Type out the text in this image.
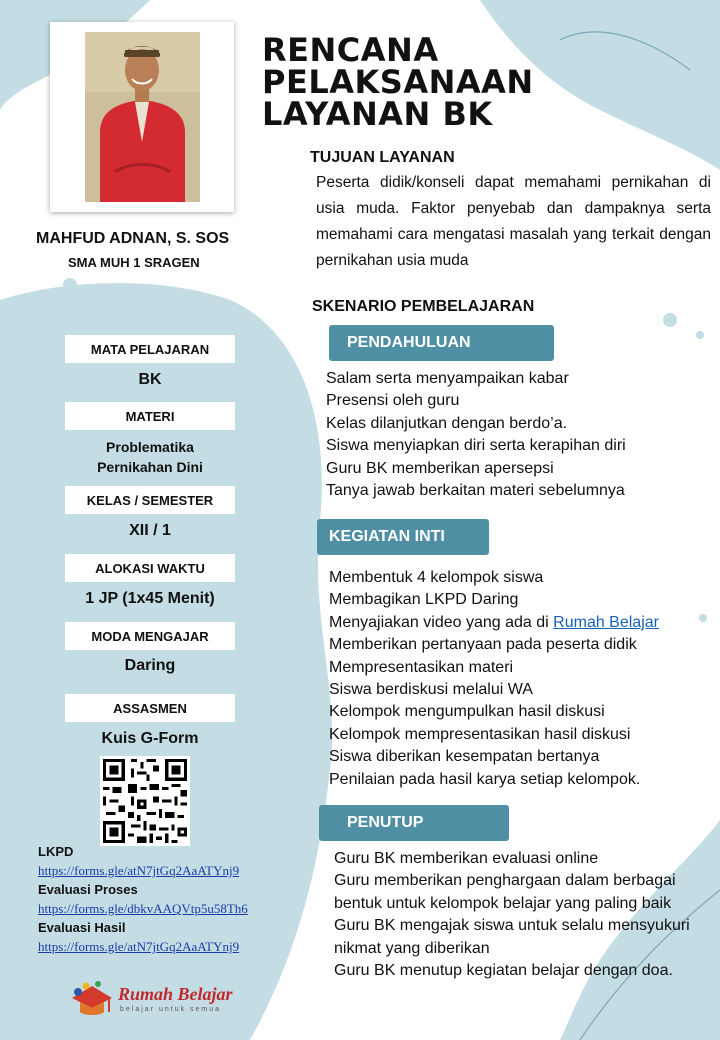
RENCANA
PELAKSANAAN
LAYANAN BK
MAHFUD ADNAN, S. SOS
SMA MUH 1 SRAGEN
MATA PELAJARAN
BK
MATERI
Problematika
Pernikahan Dini
KELAS / SEMESTER
XII / 1
ALOKASI WAKTU
1 JP (1x45 Menit)
MODA MENGAJAR
Daring
ASSASMEN
Kuis G-Form
LKPD
https://forms.gle/atN7jtGq2AaATYnj9
Evaluasi Proses
https://forms.gle/dbkvAAQVtp5u58Th6
Evaluasi Hasil
https://forms.gle/atN7jtGq2AaATYnj9
Rumah Belajar
belajar untuk semua
TUJUAN LAYANAN
Peserta didik/konseli dapat memahami pernikahan di usia muda. Faktor penyebab dan dampaknya serta memahami cara mengatasi masalah yang terkait dengan pernikahan usia muda
SKENARIO PEMBELAJARAN
PENDAHULUAN
Salam serta menyampaikan kabar
Presensi oleh guru
Kelas dilanjutkan dengan berdo’a.
Siswa menyiapkan diri serta kerapihan diri
Guru BK memberikan apersepsi
Tanya jawab berkaitan materi sebelumnya
KEGIATAN INTI
Membentuk 4 kelompok siswa
Membagikan LKPD Daring
Menyajiakan video yang ada di Rumah Belajar
Memberikan pertanyaan pada peserta didik
Mempresentasikan materi
Siswa berdiskusi melalui WA
Kelompok mengumpulkan hasil diskusi
Kelompok mempresentasikan hasil diskusi
Siswa diberikan kesempatan bertanya
Penilaian pada hasil karya setiap kelompok.
PENUTUP
Guru BK memberikan evaluasi online
Guru memberikan penghargaan dalam berbagai bentuk untuk kelompok belajar yang paling baik
Guru BK mengajak siswa untuk selalu mensyukuri nikmat yang diberikan
Guru BK menutup kegiatan belajar dengan doa.
